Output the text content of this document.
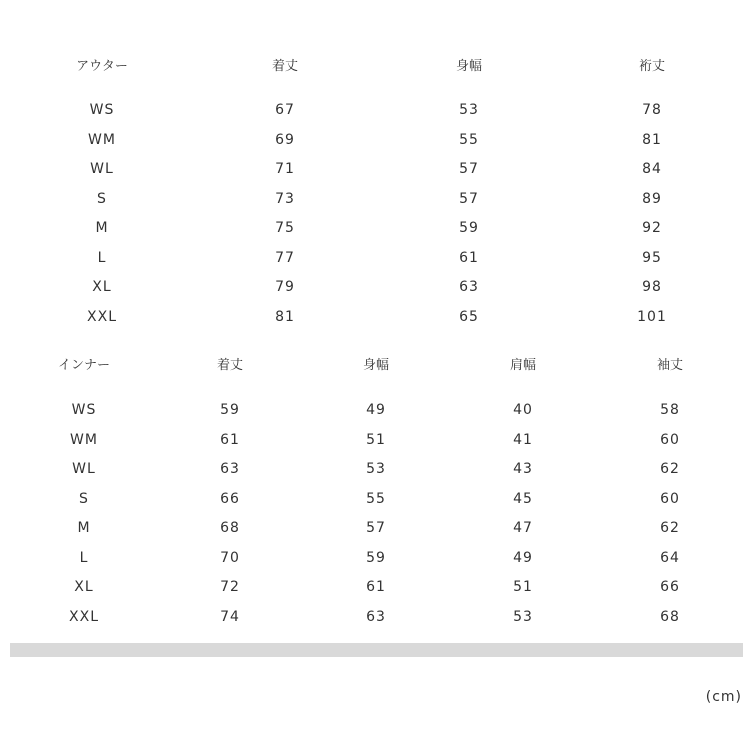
アウター	着丈	身幅	裄丈
WS	67	53	78
WM	69	55	81
WL	71	57	84
S	73	57	89
M	75	59	92
L	77	61	95
XL	79	63	98
XXL	81	65	101
インナー	着丈	身幅	肩幅	袖丈
WS	59	49	40	58
WM	61	51	41	60
WL	63	53	43	62
S	66	55	45	60
M	68	57	47	62
L	70	59	49	64
XL	72	61	51	66
XXL	74	63	53	68
(cm)
